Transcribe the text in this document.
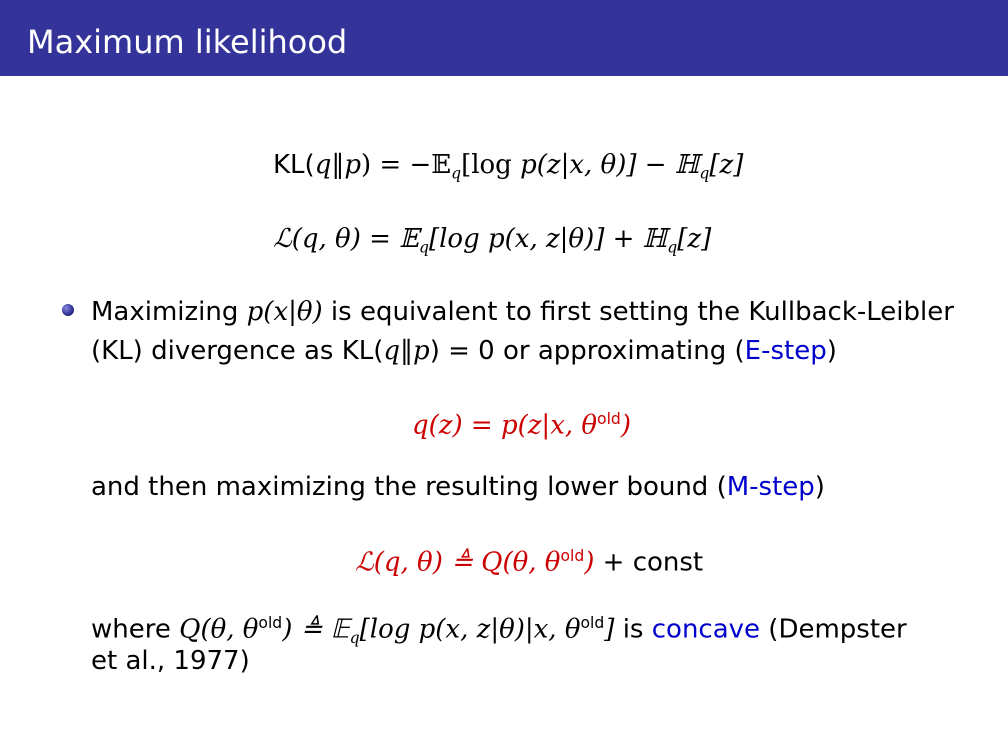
Maximum likelihood
KL(q‖p) = −𝔼$_q$[log p(z|x, θ)] − ℍ$_q$[z]
ℒ(q, θ) = 𝔼$_q$[log p(x, z|θ)] + ℍ$_q$[z]
Maximizing p(x|θ) is equivalent to first setting the Kullback-Leibler
(KL) divergence as KL(q‖p) = 0 or approximating (E-step)
q(z) = p(z|x, $\theta^{old}$)
and then maximizing the resulting lower bound (M-step)
ℒ(q, θ) ≜ Q(θ, $\theta^{old}$) + const
where Q(θ, $\theta^{old}$) ≜ 𝔼$_q$[log p(x, z|θ)|x, $\theta^{old}$] is concave (Dempster
et al., 1977)
